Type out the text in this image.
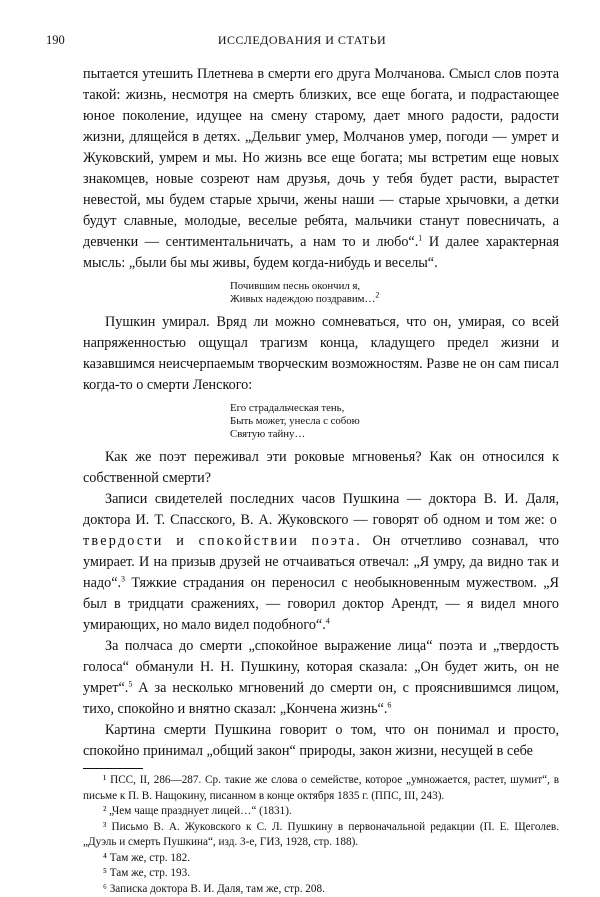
190	ИССЛЕДОВАНИЯ И СТАТЬИ

пытается утешить Плетнева в смерти его друга Молчанова. Смысл слов поэта такой: жизнь, несмотря на смерть близких, все еще богата, и подрастающее юное поколение, идущее на смену старому, дает много радости, радости жизни, длящейся в детях. „Дельвиг умер, Молчанов умер, погоди — умрет и Жуковский, умрем и мы. Но жизнь все еще богата; мы встретим еще новых знакомцев, новые созреют нам друзья, дочь у тебя будет расти, вырастет невестой, мы будем старые хрычи, жены наши — старые хрычовки, а детки будут славные, молодые, веселые ребята, мальчики станут повесничать, а девченки — сентиментальничать, а нам то и любо“.$^1$ И далее характерная мысль: „были бы мы живы, будем когда-нибудь и веселы“.

Почившим песнь окончил я,
Живых надеждою поздравим…$^2$

Пушкин умирал. Вряд ли можно сомневаться, что он, умирая, со всей напряженностью ощущал трагизм конца, кладущего предел жизни и казавшимся неисчерпаемым творческим возможностям. Разве не он сам писал когда-то о смерти Ленского:

Его страдальческая тень,
Быть может, унесла с собою
Святую тайну…

Как же поэт переживал эти роковые мгновенья? Как он относился к собственной смерти?

Записи свидетелей последних часов Пушкина — доктора В. И. Даля, доктора И. Т. Спасского, В. А. Жуковского — говорят об одном и том же: о твердости и спокойствии поэта. Он отчетливо сознавал, что умирает. И на призыв друзей не отчаиваться отвечал: „Я умру, да видно так и надо“.$^3$ Тяжкие страдания он переносил с необыкновенным мужеством. „Я был в тридцати сражениях, — говорил доктор Арендт, — я видел много умирающих, но мало видел подобного“.$^4$

За полчаса до смерти „спокойное выражение лица“ поэта и „твердость голоса“ обманули Н. Н. Пушкину, которая сказала: „Он будет жить, он не умрет“.$^5$ А за несколько мгновений до смерти он, с прояснившимся лицом, тихо, спокойно и внятно сказал: „Кончена жизнь“.$^6$

Картина смерти Пушкина говорит о том, что он понимал и просто, спокойно принимал „общий закон“ природы, закон жизни, несущей в себе

¹ ПСС, II, 286—287. Ср. такие же слова о семействе, которое „умножается, растет, шумит“, в письме к П. В. Нащокину, писанном в конце октября 1835 г. (ППС, III, 243).

² „Чем чаще празднует лицей…“ (1831).

³ Письмо В. А. Жуковского к С. Л. Пушкину в первоначальной редакции (П. Е. Щеголев. „Дуэль и смерть Пушкина“, изд. 3-е, ГИЗ, 1928, стр. 188).

⁴ Там же, стр. 182.

⁵ Там же, стр. 193.

⁶ Записка доктора В. И. Даля, там же, стр. 208.
